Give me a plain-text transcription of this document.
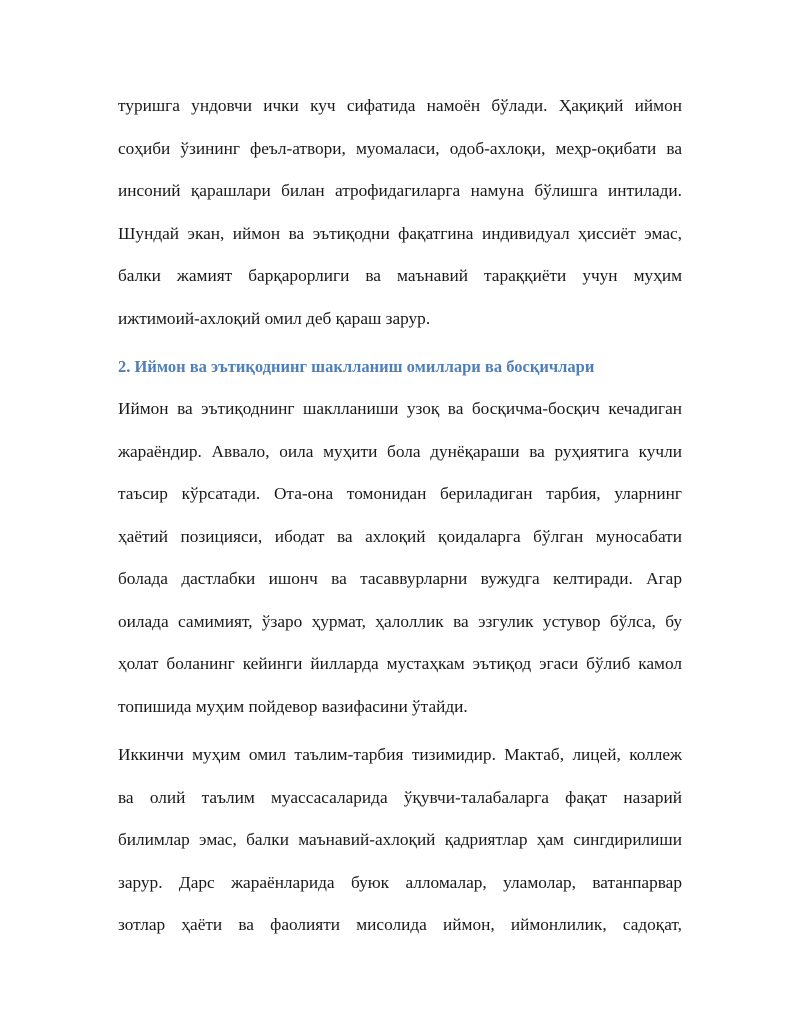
туришга ундовчи ички куч сифатида намоён бўлади. Ҳақиқий иймон
соҳиби ўзининг феъл-атвори, муомаласи, одоб-ахлоқи, меҳр-оқибати ва
инсоний қарашлари билан атрофидагиларга намуна бўлишга интилади.
Шундай экан, иймон ва эътиқодни фақатгина индивидуал ҳиссиёт эмас,
балки жамият барқарорлиги ва маънавий тараққиёти учун муҳим
ижтимоий-ахлоқий омил деб қараш зарур.
2. Иймон ва эътиқоднинг шаклланиш омиллари ва босқичлари
Иймон ва эътиқоднинг шаклланиши узоқ ва босқичма-босқич кечадиган
жараёндир. Аввало, оила муҳити бола дунёқараши ва руҳиятига кучли
таъсир кўрсатади. Ота-она томонидан бериладиган тарбия, уларнинг
ҳаётий позицияси, ибодат ва ахлоқий қоидаларга бўлган муносабати
болада дастлабки ишонч ва тасаввурларни вужудга келтиради. Агар
оилада самимият, ўзаро ҳурмат, ҳалоллик ва эзгулик устувор бўлса, бу
ҳолат боланинг кейинги йилларда мустаҳкам эътиқод эгаси бўлиб камол
топишида муҳим пойдевор вазифасини ўтайди.
Иккинчи муҳим омил таълим-тарбия тизимидир. Мактаб, лицей, коллеж
ва олий таълим муассасаларида ўқувчи-талабаларга фақат назарий
билимлар эмас, балки маънавий-ахлоқий қадриятлар ҳам сингдирилиши
зарур. Дарс жараёнларида буюк алломалар, уламолар, ватанпарвар
зотлар ҳаёти ва фаолияти мисолида иймон, иймонлилик, садоқат,
